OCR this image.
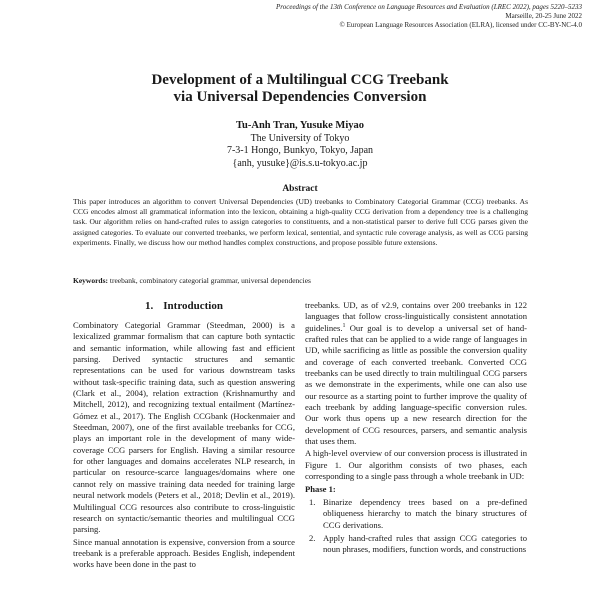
Proceedings of the 13th Conference on Language Resources and Evaluation (LREC 2022), pages 5220–5233
Marseille, 20-25 June 2022
© European Language Resources Association (ELRA), licensed under CC-BY-NC-4.0
Development of a Multilingual CCG Treebank
via Universal Dependencies Conversion
Tu-Anh Tran, Yusuke Miyao
The University of Tokyo
7-3-1 Hongo, Bunkyo, Tokyo, Japan
{anh, yusuke}@is.s.u-tokyo.ac.jp
Abstract
This paper introduces an algorithm to convert Universal Dependencies (UD) treebanks to Combinatory Categorial Grammar (CCG) treebanks. As CCG encodes almost all grammatical information into the lexicon, obtaining a high-quality CCG derivation from a dependency tree is a challenging task. Our algorithm relies on hand-crafted rules to assign categories to constituents, and a non-statistical parser to derive full CCG parses given the assigned categories. To evaluate our converted treebanks, we perform lexical, sentential, and syntactic rule coverage analysis, as well as CCG parsing experiments. Finally, we discuss how our method handles complex constructions, and propose possible future extensions.
Keywords: treebank, combinatory categorial grammar, universal dependencies
1. Introduction

Combinatory Categorial Grammar (Steedman, 2000) is a lexicalized grammar formalism that can capture both syntactic and semantic information, while allowing fast and efficient parsing. Derived syntactic structures and semantic representations can be used for various downstream tasks without task-specific training data, such as question answering (Clark et al., 2004), relation extraction (Krishnamurthy and Mitchell, 2012), and recognizing textual entailment (Martínez-Gómez et al., 2017). The English CCGbank (Hockenmaier and Steedman, 2007), one of the first available treebanks for CCG, plays an important role in the development of many wide-coverage CCG parsers for English. Having a similar resource for other languages and domains accelerates NLP research, in particular on resource-scarce languages/domains where one cannot rely on massive training data needed for training large neural network models (Peters et al., 2018; Devlin et al., 2019). Multilingual CCG resources also contribute to cross-linguistic research on syntactic/semantic theories and multilingual CCG parsing.

Since manual annotation is expensive, conversion from a source treebank is a preferable approach. Besides English, independent works have been done in the past to

treebanks. UD, as of v2.9, contains over 200 treebanks in 122 languages that follow cross-linguistically consistent annotation guidelines.$^1$ Our goal is to develop a universal set of hand-crafted rules that can be applied to a wide range of languages in UD, while sacrificing as little as possible the conversion quality and coverage of each converted treebank. Converted CCG treebanks can be used directly to train multilingual CCG parsers as we demonstrate in the experiments, while one can also use our resource as a starting point to further improve the quality of each treebank by adding language-specific conversion rules. Our work thus opens up a new research direction for the development of CCG resources, parsers, and semantic analysis that uses them.

A high-level overview of our conversion process is illustrated in Figure 1. Our algorithm consists of two phases, each corresponding to a single pass through a whole treebank in UD:

Phase 1:

1. Binarize dependency trees based on a pre-defined obliqueness hierarchy to match the binary structures of CCG derivations.
2. Apply hand-crafted rules that assign CCG categories to noun phrases, modifiers, function words, and constructions
